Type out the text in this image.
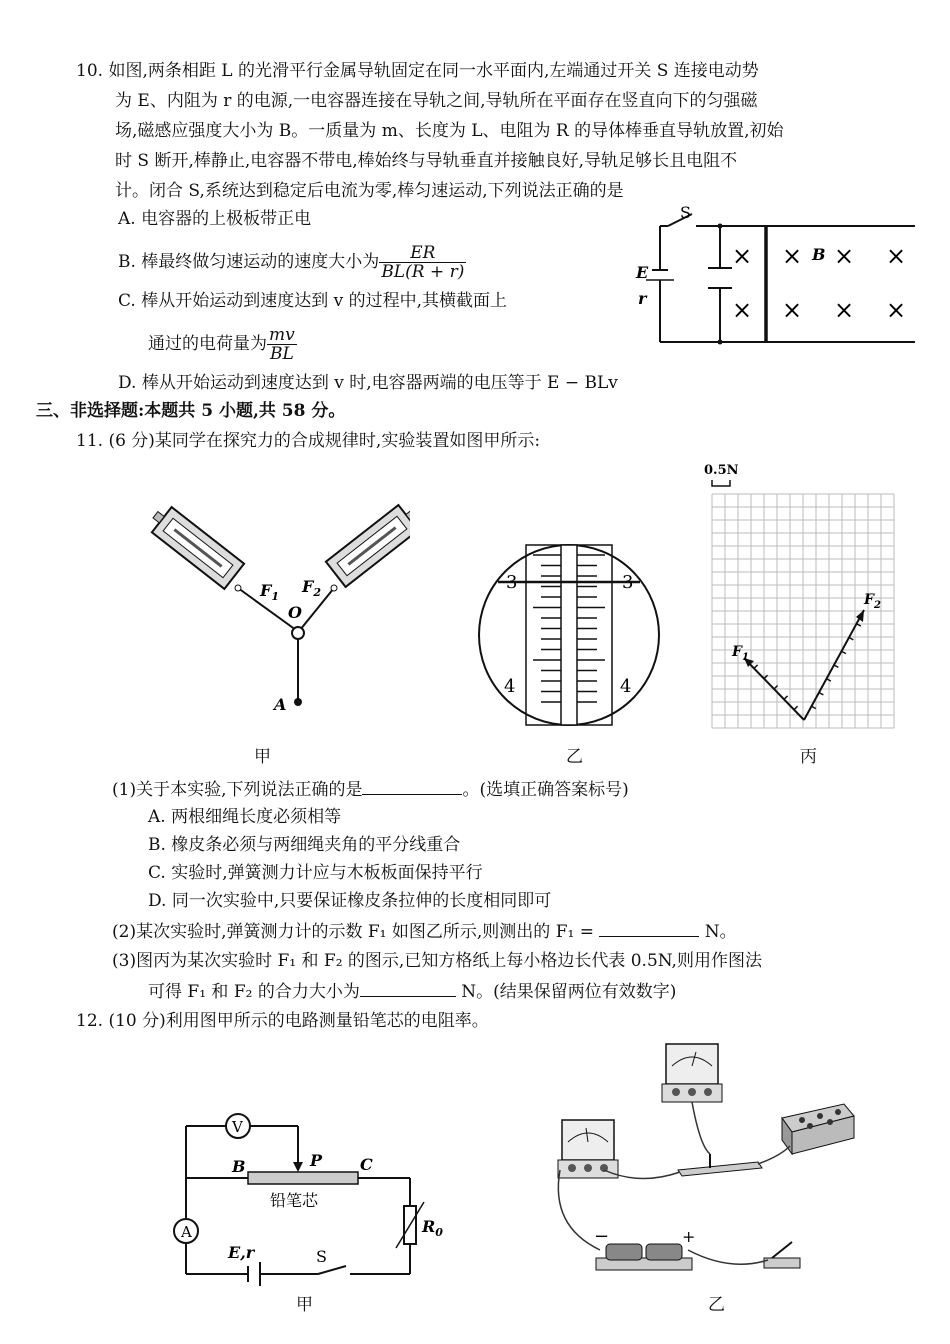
10. 如图,两条相距 L 的光滑平行金属导轨固定在同一水平面内,左端通过开关 S 连接电动势
为 E、内阻为 r 的电源,一电容器连接在导轨之间,导轨所在平面存在竖直向下的匀强磁
场,磁感应强度大小为 B。一质量为 m、长度为 L、电阻为 R 的导体棒垂直导轨放置,初始
时 S 断开,棒静止,电容器不带电,棒始终与导轨垂直并接触良好,导轨足够长且电阻不
计。闭合 S,系统达到稳定后电流为零,棒匀速运动,下列说法正确的是
A. 电容器的上极板带正电
B. 棒最终做匀速运动的速度大小为 $\frac{ER}{BL(R + r)}$
C. 棒从开始运动到速度达到 v 的过程中,其横截面上
通过的电荷量为 $\frac{mv}{BL}$
D. 棒从开始运动到速度达到 v 时,电容器两端的电压等于 E − BLv
S
E
r
×
×
× × ×
× × ×
B
三、非选择题:本题共 5 小题,共 58 分。
11. (6 分)某同学在探究力的合成规律时,实验装置如图甲所示:
$F_1$
$F_2$
O
A
甲
3	3
4	4
乙
0.5N
$F_1$
$F_2$
丙
(1)关于本实验,下列说法正确的是	。(选填正确答案标号)
A. 两根细绳长度必须相等
B. 橡皮条必须与两细绳夹角的平分线重合
C. 实验时,弹簧测力计应与木板板面保持平行
D. 同一次实验中,只要保证橡皮条拉伸的长度相同即可
(2)某次实验时,弹簧测力计的示数 F₁ 如图乙所示,则测出的 F₁ =	N。
(3)图丙为某次实验时 F₁ 和 F₂ 的图示,已知方格纸上每小格边长代表 0.5N,则用作图法
可得 F₁ 和 F₂ 的合力大小为	N。(结果保留两位有效数字)
12. (10 分)利用图甲所示的电路测量铅笔芯的电阻率。
V
A
P
B	C
铅笔芯
$R_0$
E,r	S
甲
−	+
乙
